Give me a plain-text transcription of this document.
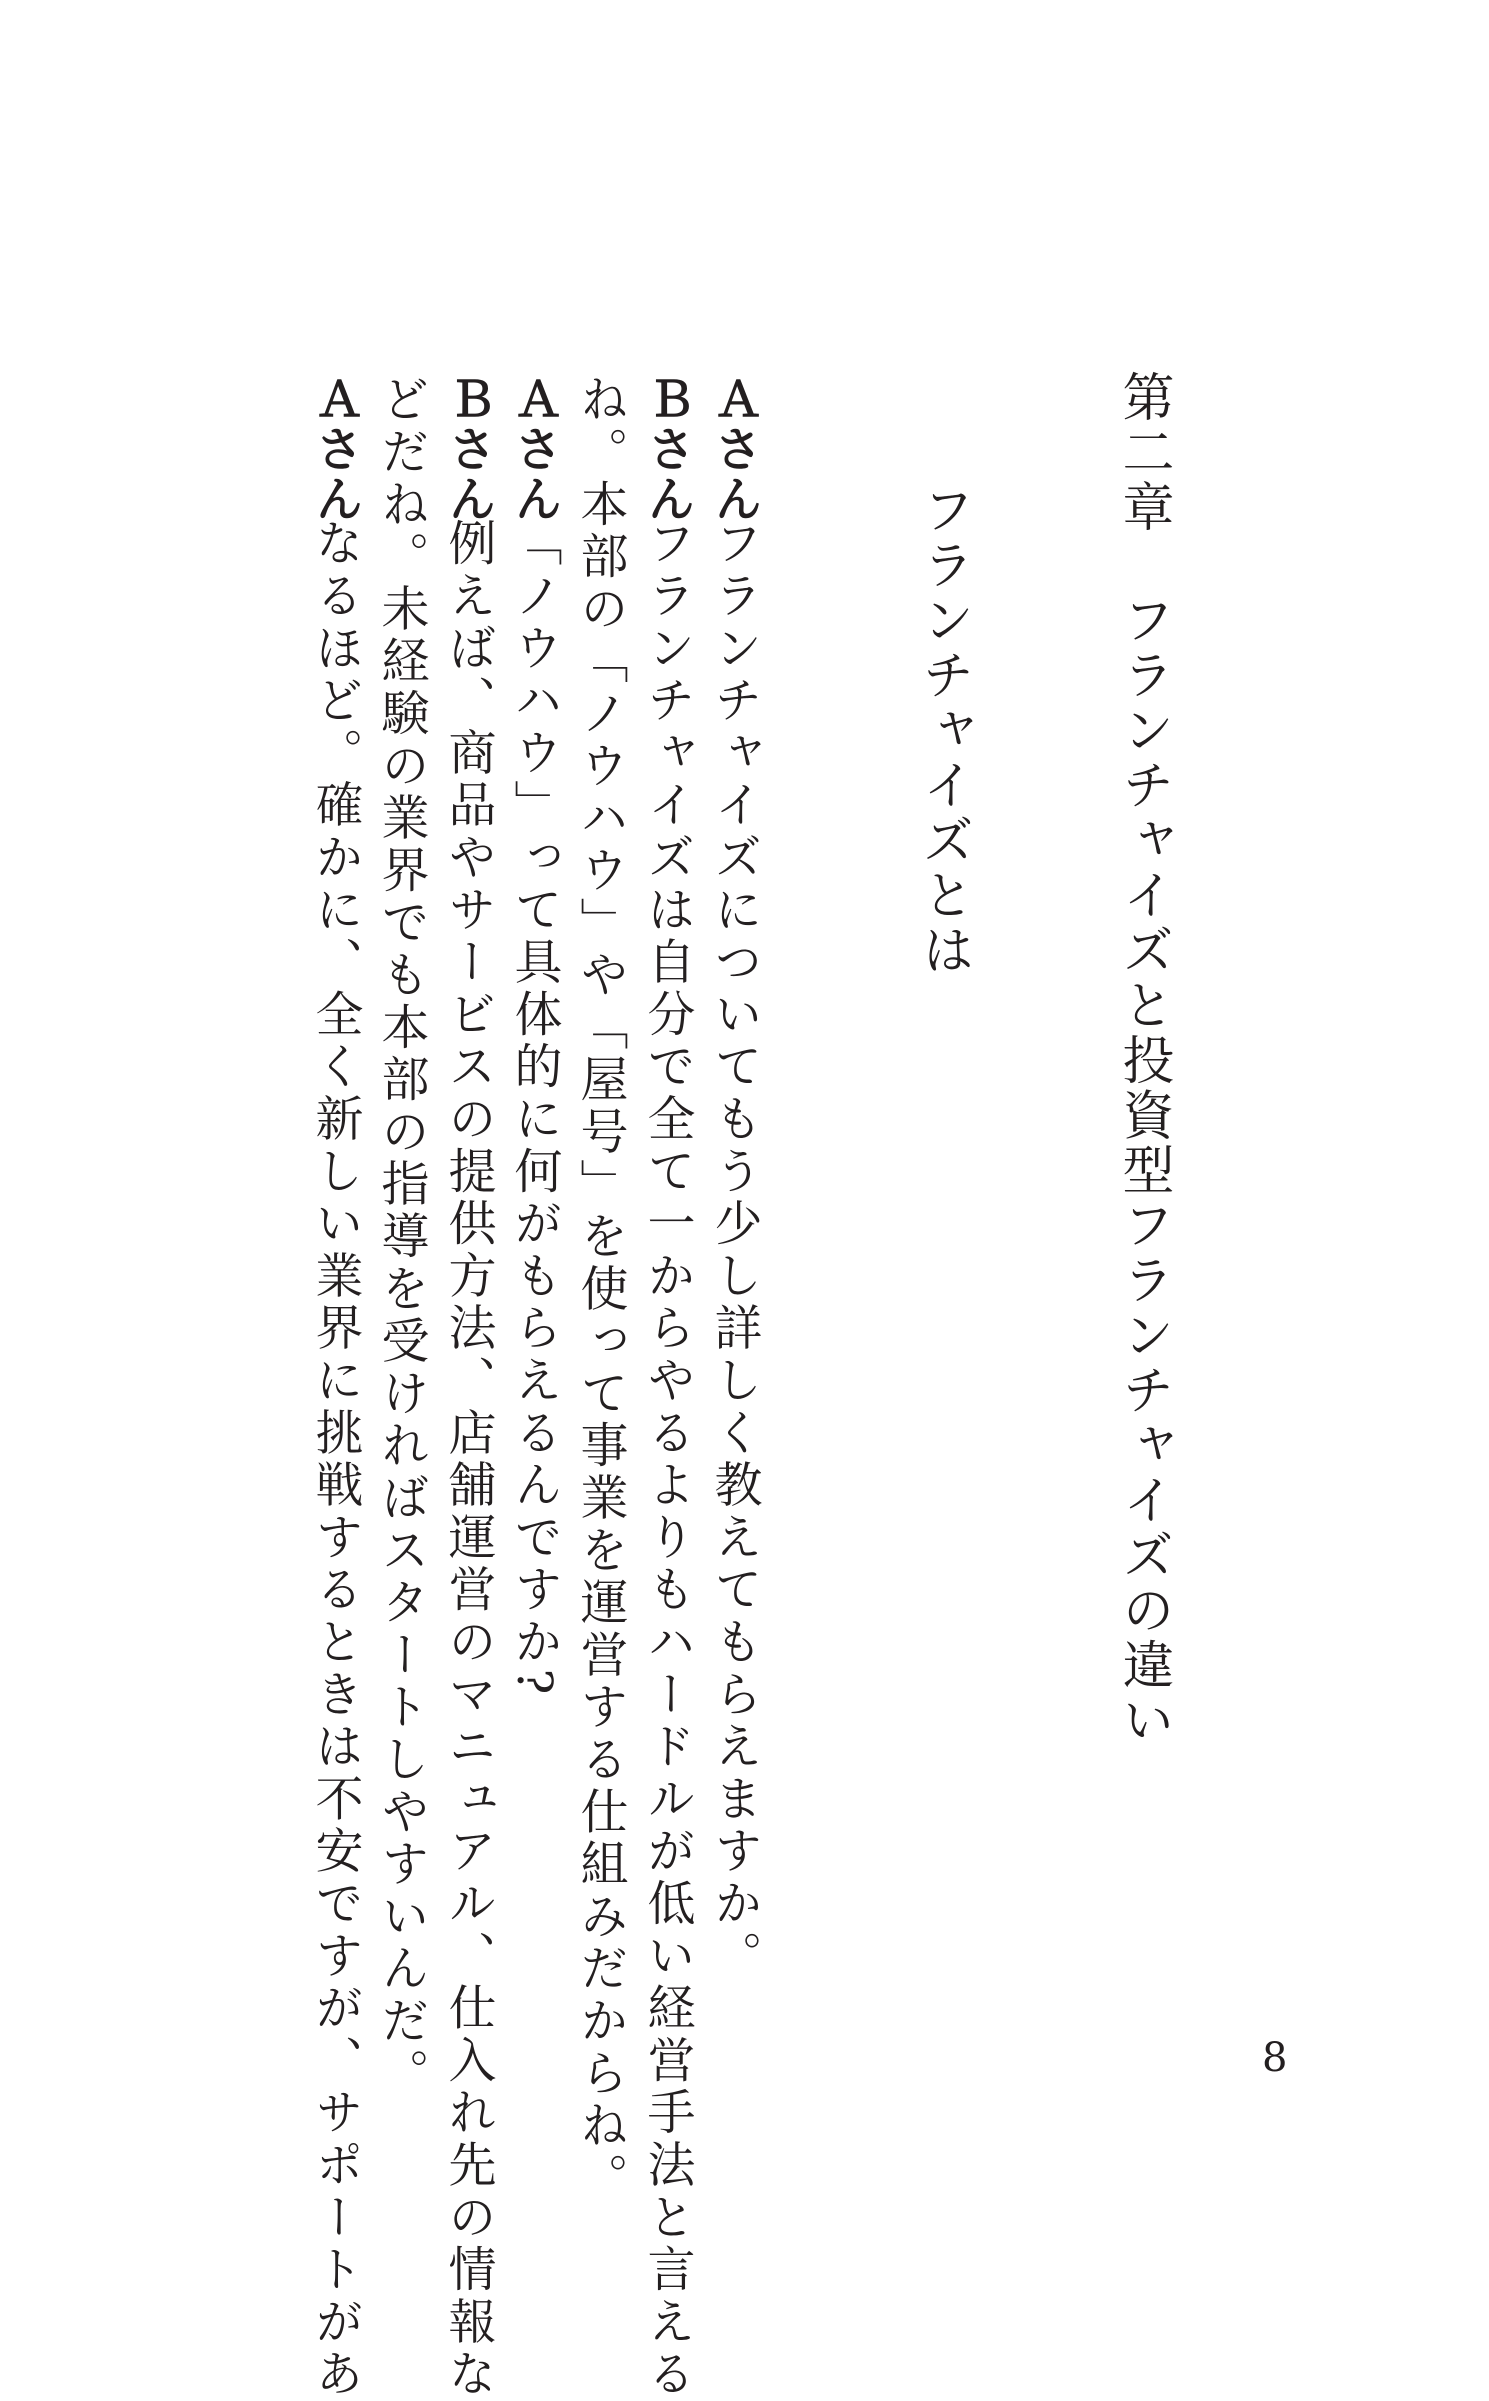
第二章フランチャイズと投資型フランチャイズの違い
フランチャイズとは
Ａさんフランチャイズについてもう少し詳しく教えてもらえますか。
Ｂさんフランチャイズは自分で全て一からやるよりもハードルが低い経営手法と言える
ね。本部の「ノウハウ」や「屋号」を使って事業を運営する仕組みだからね。
Ａさん「ノウハウ」って具体的に何がもらえるんですか?
Ｂさん例えば、商品やサービスの提供方法、店舗運営のマニュアル、仕入れ先の情報な
どだね。未経験の業界でも本部の指導を受ければスタートしやすいんだ。
Ａさんなるほど。確かに、全く新しい業界に挑戦するときは不安ですが、サポートがあ	8
